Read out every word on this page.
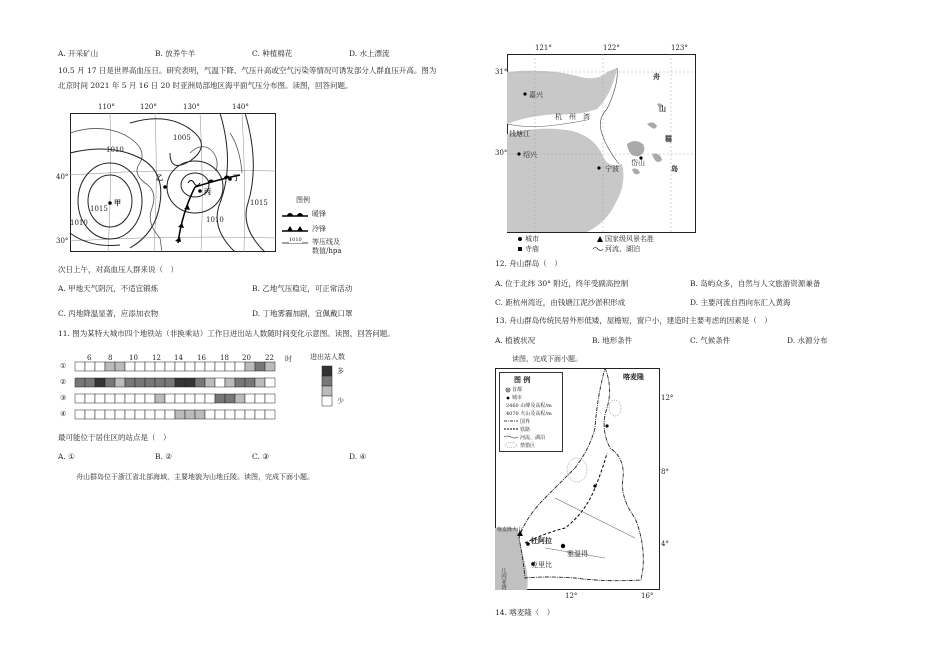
A. 开采矿山	B. 放养牛羊	C. 种植棉花	D. 水上漂流
10.5 月 17 日是世界高血压日。研究表明，气温下降、气压升高或空气污染等情况可诱发部分人群血压升高。图为
北京时间 2021 年 5 月 16 日 20 时亚洲局部地区海平面气压分布图。读图，回答问题。
110°	120°	130°	140°
40°
30°
1005
1010
1015
1010	1010
1015
甲
乙
丙
丁
图例
暖锋
冷锋
1010 等压线及
数值/hpa
次日上午，对高血压人群来说（　）
A. 甲地天气阴沉，不适宜锻炼	B. 乙地气压稳定，可正常活动
C. 丙地降温显著，应添加衣物	D. 丁地雾霾加剧，宜佩戴口罩
11. 图为某特大城市四个地铁站（非换乘站）工作日进出站人数随时间变化示意图。读图，回答问题。
6 8 10 12 14 16 18 20 22 时
①
②
③
④
进出站人数
多
少
最可能位于居住区的站点是（　）
A. ①	B. ②	C. ③	D. ④
舟山群岛位于浙江省北部海域，主要地貌为山地丘陵。读图，完成下面小题。
121°	122°	123°
31°
30°
嘉兴
杭 州 湾
钱塘江
绍兴
宁波
舟
山
群
岛
岱山
城市	国家级风景名胜
寺庙	河流、湖泊
12. 舟山群岛（　）
A. 位于北纬 30° 附近，终年受副高控制	B. 岛屿众多，自然与人文旅游资源兼备
C. 距杭州湾近，由钱塘江泥沙淤积形成	D. 主要河流自西向东汇入黄海
13. 舟山群岛传统民居外形低矮，屋檐短，窗户小，建造时主要考虑的因素是（　）
A. 植被状况	B. 地形条件	C. 气候条件	D. 水源分布
读图，完成下面小题。
图 例
首都
城市
2460 山峰及高程/m
4070 火山及高程/m
国界
铁路
河流、湖泊
禁猎区
喀麦隆
12°
8°
4°
12°	16°
杜阿拉
雅温得
克里比
几内亚湾
喀麦隆火山
14. 喀麦隆（　）
